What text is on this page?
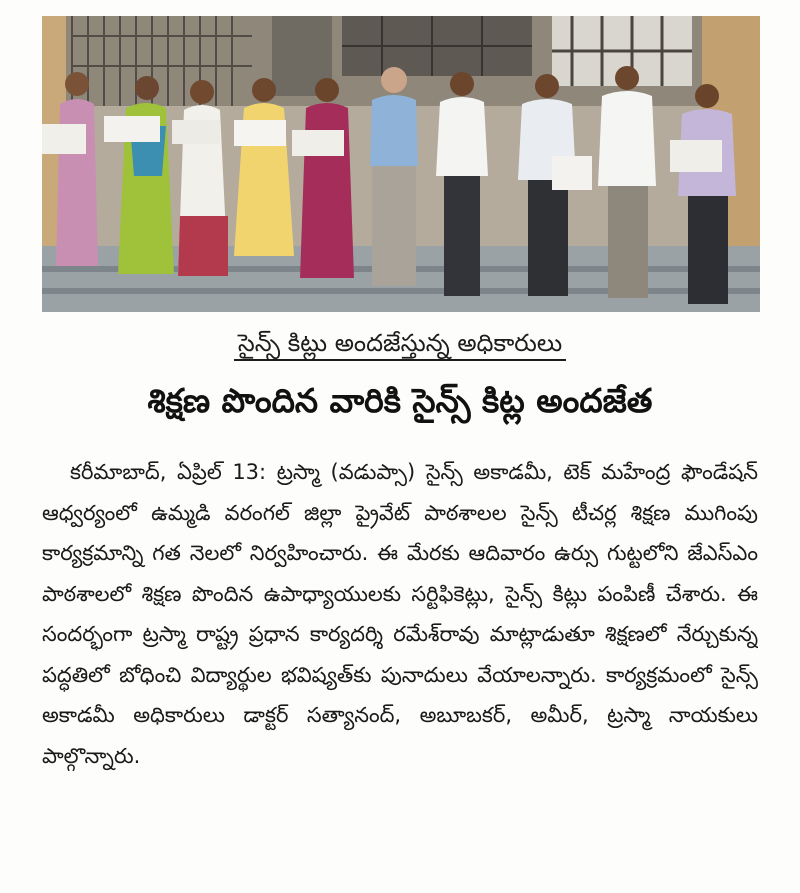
సైన్స్ కిట్లు అందజేస్తున్న అధికారులు
శిక్షణ పొందిన వారికి సైన్స్ కిట్ల అందజేత
కరీమాబాద్, ఏప్రిల్ 13: ట్రస్మా (వడుప్సా) సైన్స్ అకాడమీ, టెక్ మహేంద్ర ఫౌండేషన్ ఆధ్వర్యంలో ఉమ్మడి వరంగల్ జిల్లా ప్రైవేట్ పాఠశాలల సైన్స్ టీచర్ల శిక్షణ ముగింపు కార్యక్రమాన్ని గత నెలలో నిర్వహించారు. ఈ మేరకు ఆదివారం ఉర్సు గుట్టలోని జేఎస్ఎం పాఠశాలలో శిక్షణ పొందిన ఉపాధ్యాయులకు సర్టిఫికెట్లు, సైన్స్ కిట్లు పంపిణీ చేశారు. ఈ సందర్భంగా ట్రస్మా రాష్ట్ర ప్రధాన కార్యదర్శి రమేశ్‌రావు మాట్లాడుతూ శిక్షణలో నేర్చుకున్న పద్ధతిలో బోధించి విద్యార్థుల భవిష్యత్‌కు పునాదులు వేయాలన్నారు. కార్యక్రమంలో సైన్స్ అకాడమీ అధికారులు డాక్టర్ సత్యానంద్, అబూబకర్, అమీర్, ట్రస్మా నాయకులు పాల్గొన్నారు.
